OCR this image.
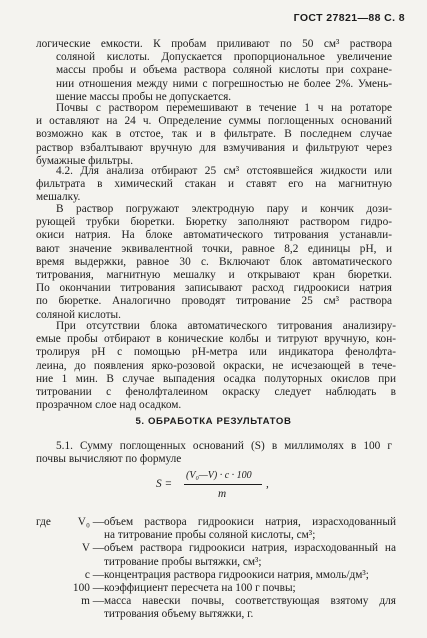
ГОСТ 27821—88 С. 8
логические емкости. К пробам приливают по 50 см³ раствора
соляной кислоты. Допускается пропорциональное увеличение
массы пробы и объема раствора соляной кислоты при сохране-
нии отношения между ними с погрешностью не более 2%. Умень-
шение массы пробы не допускается.
Почвы с раствором перемешивают в течение 1 ч на ротаторе
и оставляют на 24 ч. Определение суммы поглощенных оснований
возможно как в отстое, так и в фильтрате. В последнем случае
раствор взбалтывают вручную для взмучивания и фильтруют через
бумажные фильтры.
4.2. Для анализа отбирают 25 см³ отстоявшейся жидкости или
фильтрата в химический стакан и ставят его на магнитную
мешалку.
В раствор погружают электродную пару и кончик дози-
рующей трубки бюретки. Бюретку заполняют раствором гидро-
окиси натрия. На блоке автоматического титрования устанавли-
вают значение эквивалентной точки, равное 8,2 единицы pH, и
время выдержки, равное 30 с. Включают блок автоматического
титрования, магнитную мешалку и открывают кран бюретки.
По окончании титрования записывают расход гидроокиси натрия
по бюретке. Аналогично проводят титрование 25 см³ раствора
соляной кислоты.
При отсутствии блока автоматического титрования анализиру-
емые пробы отбирают в конические колбы и титруют вручную, кон-
тролируя pH с помощью pH-метра или индикатора фенолфта-
леина, до появления ярко-розовой окраски, не исчезающей в тече-
ние 1 мин. В случае выпадения осадка полуторных окислов при
титровании с фенолфталеином окраску следует наблюдать в
прозрачном слое над осадком.
5. ОБРАБОТКА РЕЗУЛЬТАТОВ
5.1. Сумму поглощенных оснований (S) в миллимолях в 100 г
почвы вычисляют по формуле
S =
(V₀—V) · c · 100
m
,
где V₀ — объем раствора гидроокиси натрия, израсходованный
на титрование пробы соляной кислоты, см³;
V — объем раствора гидроокиси натрия, израсходованный на
титрование пробы вытяжки, см³;
c — концентрация раствора гидроокиси натрия, ммоль/дм³;
100 — коэффициент пересчета на 100 г почвы;
m — масса навески почвы, соответствующая взятому для
титрования объему вытяжки, г.
